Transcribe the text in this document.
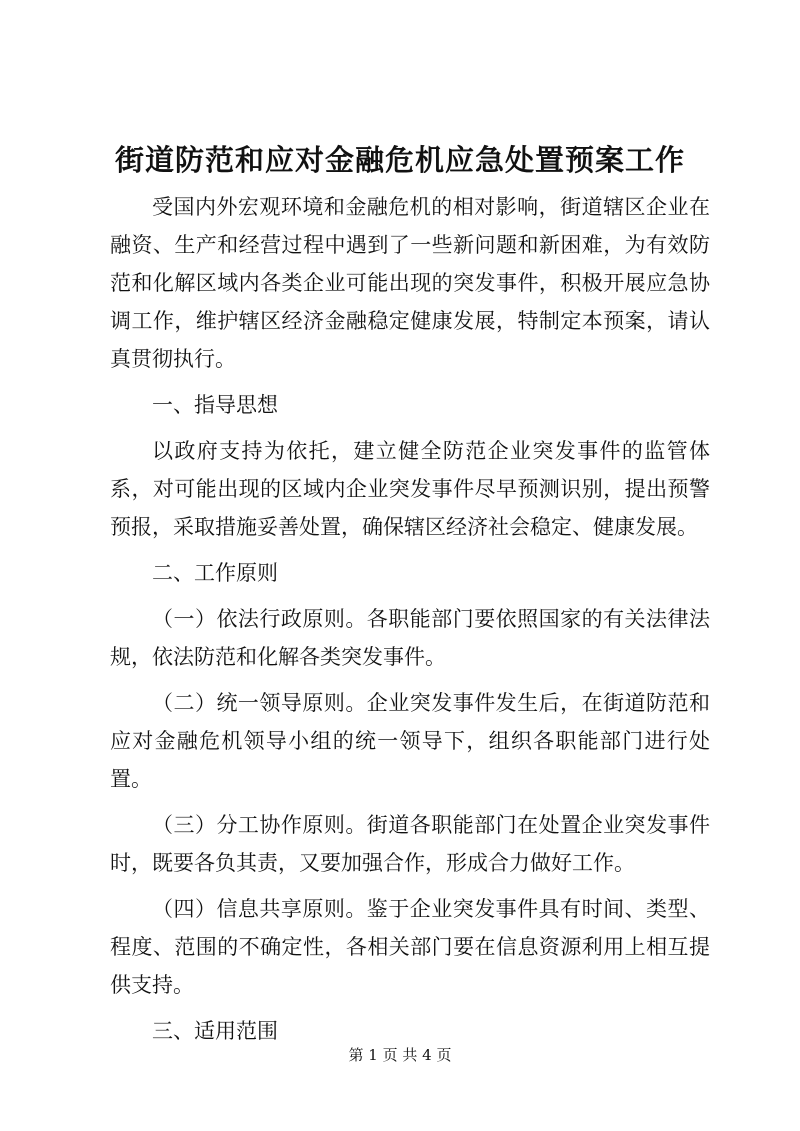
街道防范和应对金融危机应急处置预案工作

受国内外宏观环境和金融危机的相对影响，街道辖区企业在融资、生产和经营过程中遇到了一些新问题和新困难，为有效防范和化解区域内各类企业可能出现的突发事件，积极开展应急协调工作，维护辖区经济金融稳定健康发展，特制定本预案，请认真贯彻执行。

一、指导思想

以政府支持为依托，建立健全防范企业突发事件的监管体系，对可能出现的区域内企业突发事件尽早预测识别，提出预警预报，采取措施妥善处置，确保辖区经济社会稳定、健康发展。

二、工作原则

（一）依法行政原则。各职能部门要依照国家的有关法律法规，依法防范和化解各类突发事件。

（二）统一领导原则。企业突发事件发生后，在街道防范和应对金融危机领导小组的统一领导下，组织各职能部门进行处置。

（三）分工协作原则。街道各职能部门在处置企业突发事件时，既要各负其责，又要加强合作，形成合力做好工作。

（四）信息共享原则。鉴于企业突发事件具有时间、类型、程度、范围的不确定性，各相关部门要在信息资源利用上相互提供支持。

三、适用范围

第 1 页 共 4 页
